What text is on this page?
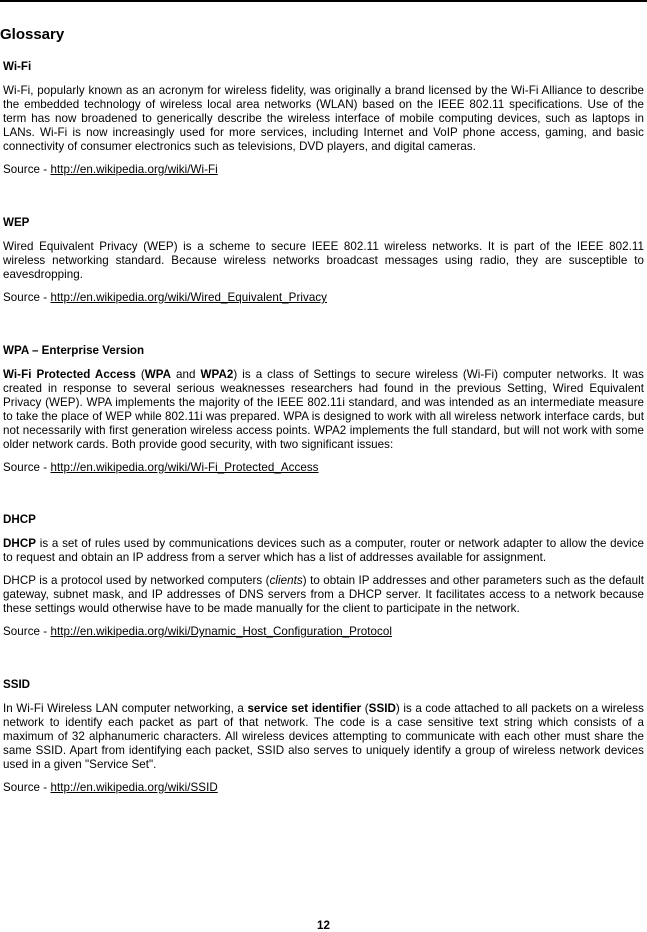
Glossary
Wi-Fi

Wi-Fi, popularly known as an acronym for wireless fidelity, was originally a brand licensed by the Wi-Fi Alliance to describe the embedded technology of wireless local area networks (WLAN) based on the IEEE 802.11 specifications. Use of the term has now broadened to generically describe the wireless interface of mobile computing devices, such as laptops in LANs. Wi-Fi is now increasingly used for more services, including Internet and VoIP phone access, gaming, and basic connectivity of consumer electronics such as televisions, DVD players, and digital cameras.

Source - http://en.wikipedia.org/wiki/Wi-Fi

WEP

Wired Equivalent Privacy (WEP) is a scheme to secure IEEE 802.11 wireless networks. It is part of the IEEE 802.11 wireless networking standard. Because wireless networks broadcast messages using radio, they are susceptible to eavesdropping.

Source - http://en.wikipedia.org/wiki/Wired_Equivalent_Privacy

WPA – Enterprise Version

Wi-Fi Protected Access (WPA and WPA2) is a class of Settings to secure wireless (Wi-Fi) computer networks. It was created in response to several serious weaknesses researchers had found in the previous Setting, Wired Equivalent Privacy (WEP). WPA implements the majority of the IEEE 802.11i standard, and was intended as an intermediate measure to take the place of WEP while 802.11i was prepared. WPA is designed to work with all wireless network interface cards, but not necessarily with first generation wireless access points. WPA2 implements the full standard, but will not work with some older network cards. Both provide good security, with two significant issues:

Source - http://en.wikipedia.org/wiki/Wi-Fi_Protected_Access

DHCP

DHCP is a set of rules used by communications devices such as a computer, router or network adapter to allow the device to request and obtain an IP address from a server which has a list of addresses available for assignment.

DHCP is a protocol used by networked computers (clients) to obtain IP addresses and other parameters such as the default gateway, subnet mask, and IP addresses of DNS servers from a DHCP server. It facilitates access to a network because these settings would otherwise have to be made manually for the client to participate in the network.

Source - http://en.wikipedia.org/wiki/Dynamic_Host_Configuration_Protocol

SSID

In Wi-Fi Wireless LAN computer networking, a service set identifier (SSID) is a code attached to all packets on a wireless network to identify each packet as part of that network. The code is a case sensitive text string which consists of a maximum of 32 alphanumeric characters. All wireless devices attempting to communicate with each other must share the same SSID. Apart from identifying each packet, SSID also serves to uniquely identify a group of wireless network devices used in a given "Service Set".

Source - http://en.wikipedia.org/wiki/SSID

12
